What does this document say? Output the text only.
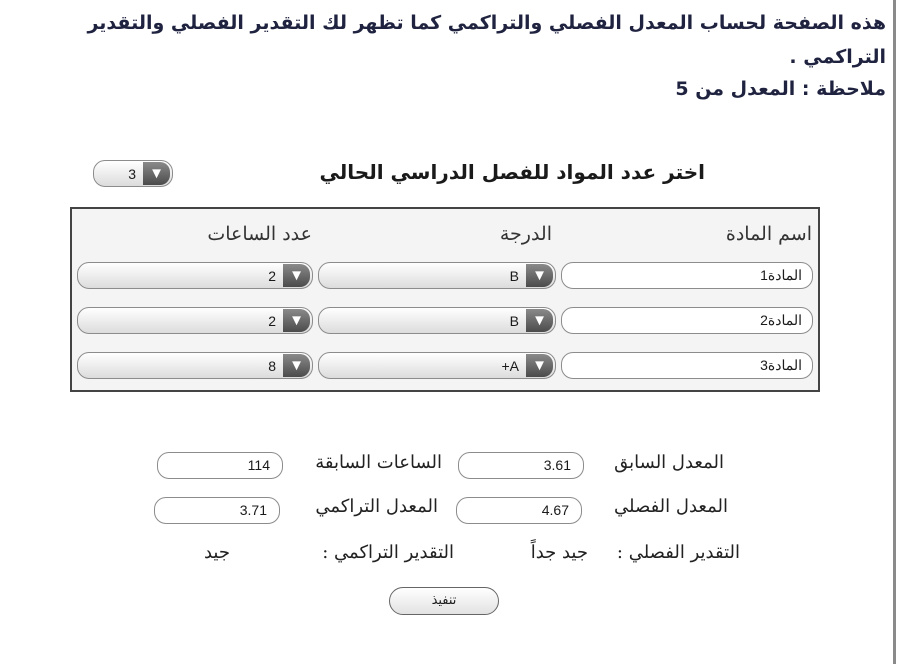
هذه الصفحة لحساب المعدل الفصلي والتراكمي كما تظهر لك التقدير الفصلي والتقدير التراكمي .
ملاحظة : المعدل من 5
اختر عدد المواد للفصل الدراسي الحالي
3 ▼
اسم المادة
الدرجة
عدد الساعات
المادة1
B ▼
2 ▼
المادة2
B ▼
2 ▼
المادة3
+A ▼
8 ▼
المعدل السابق
3.61
الساعات السابقة
114
المعدل الفصلي
4.67
المعدل التراكمي
3.71
التقدير الفصلي :
جيد جداً
التقدير التراكمي :
جيد
تنفيذ
